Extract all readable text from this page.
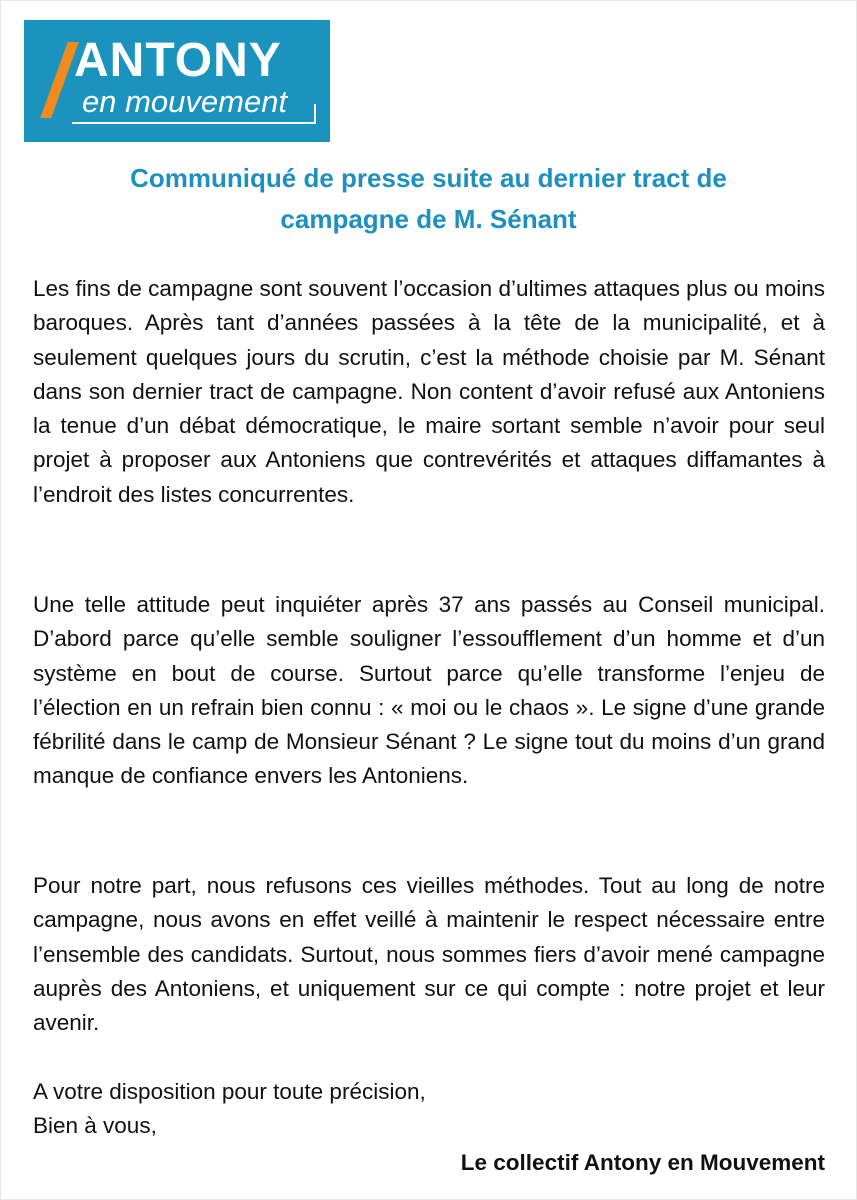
ANTONY
en mouvement
Communiqué de presse suite au dernier tract de
campagne de M. Sénant

Les fins de campagne sont souvent l’occasion d’ultimes attaques plus ou moins baroques. Après tant d’années passées à la tête de la municipalité, et à seulement quelques jours du scrutin, c’est la méthode choisie par M. Sénant dans son dernier tract de campagne. Non content d’avoir refusé aux Antoniens la tenue d’un débat démocratique, le maire sortant semble n’avoir pour seul projet à proposer aux Antoniens que contrevérités et attaques diffamantes à l’endroit des listes concurrentes.

Une telle attitude peut inquiéter après 37 ans passés au Conseil municipal. D’abord parce qu’elle semble souligner l’essoufflement d’un homme et d’un système en bout de course. Surtout parce qu’elle transforme l’enjeu de l’élection en un refrain bien connu : « moi ou le chaos ». Le signe d’une grande fébrilité dans le camp de Monsieur Sénant ? Le signe tout du moins d’un grand manque de confiance envers les Antoniens.

Pour notre part, nous refusons ces vieilles méthodes. Tout au long de notre campagne, nous avons en effet veillé à maintenir le respect nécessaire entre l’ensemble des candidats. Surtout, nous sommes fiers d’avoir mené campagne auprès des Antoniens, et uniquement sur ce qui compte : notre projet et leur avenir.

A votre disposition pour toute précision,
Bien à vous,
Le collectif Antony en Mouvement
